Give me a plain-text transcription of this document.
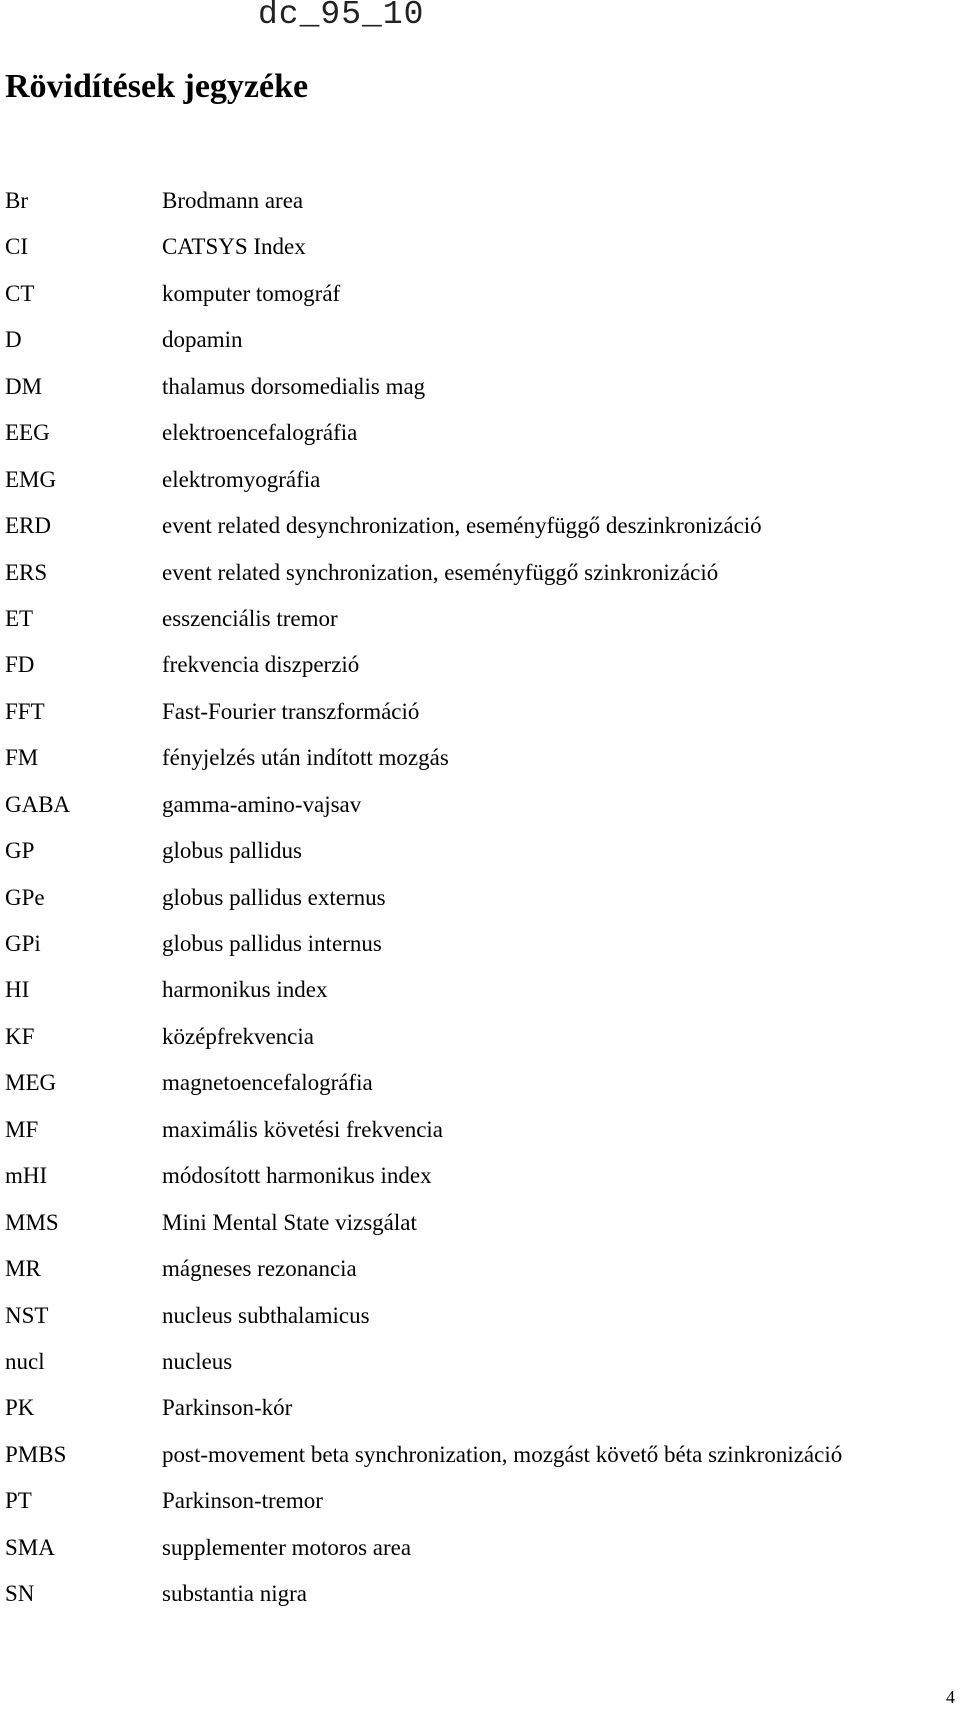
dc_95_10
Rövidítések jegyzéke
Br	Brodmann area
CI	CATSYS Index
CT	komputer tomográf
D	dopamin
DM	thalamus dorsomedialis mag
EEG	elektroencefalográfia
EMG	elektromyográfia
ERD	event related desynchronization, eseményfüggő deszinkronizáció
ERS	event related synchronization, eseményfüggő szinkronizáció
ET	esszenciális tremor
FD	frekvencia diszperzió
FFT	Fast-Fourier transzformáció
FM	fényjelzés után indított mozgás
GABA	gamma-amino-vajsav
GP	globus pallidus
GPe	globus pallidus externus
GPi	globus pallidus internus
HI	harmonikus index
KF	középfrekvencia
MEG	magnetoencefalográfia
MF	maximális követési frekvencia
mHI	módosított harmonikus index
MMS	Mini Mental State vizsgálat
MR	mágneses rezonancia
NST	nucleus subthalamicus
nucl	nucleus
PK	Parkinson-kór
PMBS	post-movement beta synchronization, mozgást követő béta szinkronizáció
PT	Parkinson-tremor
SMA	supplementer motoros area
SN	substantia nigra
4
